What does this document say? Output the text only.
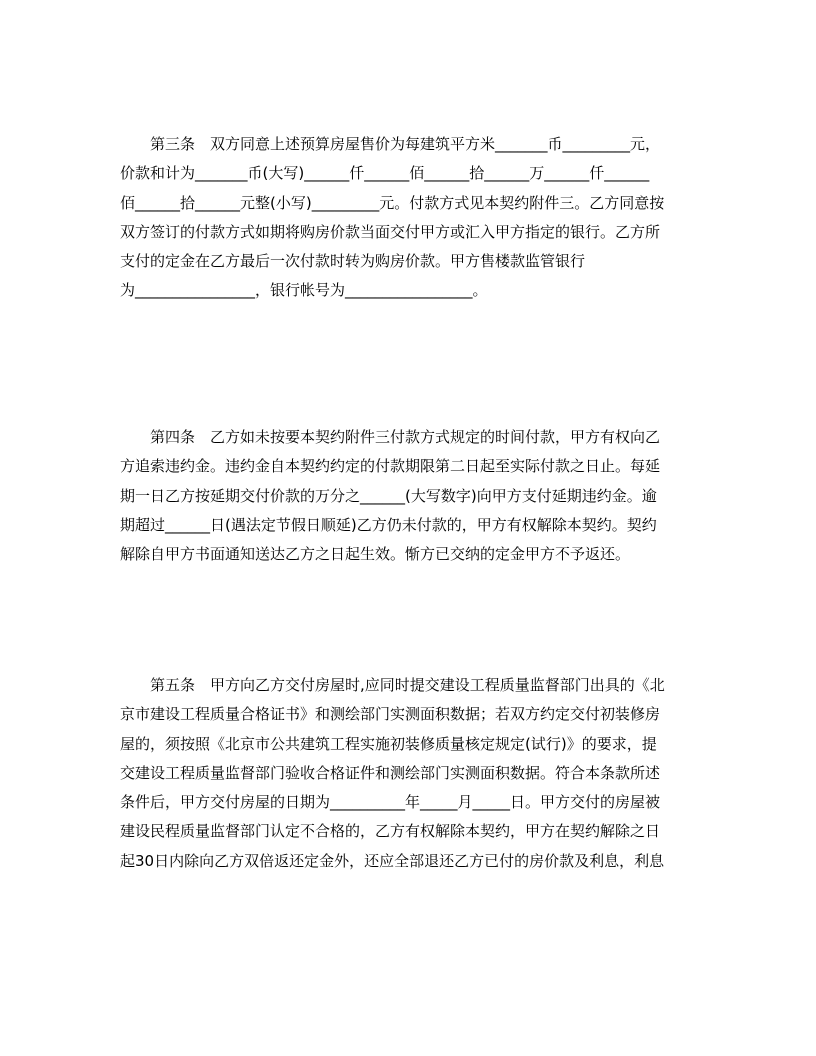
第三条　双方同意上述预算房屋售价为每建筑平方米_______币_________元，
价款和计为_______币(大写)______仟______佰______拾______万______仟______
佰______拾______元整(小写)_________元。付款方式见本契约附件三。乙方同意按
双方签订的付款方式如期将购房价款当面交付甲方或汇入甲方指定的银行。乙方所
支付的定金在乙方最后一次付款时转为购房价款。甲方售楼款监管银行
为________________，银行帐号为_________________。
第四条　乙方如未按要本契约附件三付款方式规定的时间付款，甲方有权向乙
方追索违约金。违约金自本契约约定的付款期限第二日起至实际付款之日止。每延
期一日乙方按延期交付价款的万分之______(大写数字)向甲方支付延期违约金。逾
期超过______日(遇法定节假日顺延)乙方仍未付款的，甲方有权解除本契约。契约
解除自甲方书面通知送达乙方之日起生效。惭方已交纳的定金甲方不予返还。
第五条　甲方向乙方交付房屋时,应同时提交建设工程质量监督部门出具的《北
京市建设工程质量合格证书》和测绘部门实测面积数据；若双方约定交付初装修房
屋的，须按照《北京市公共建筑工程实施初装修质量核定规定(试行)》的要求，提
交建设工程质量监督部门验收合格证件和测绘部门实测面积数据。符合本条款所述
条件后，甲方交付房屋的日期为__________年_____月_____日。甲方交付的房屋被
建设民程质量监督部门认定不合格的，乙方有权解除本契约，甲方在契约解除之日
起30日内除向乙方双倍返还定金外，还应全部退还乙方已付的房价款及利息，利息
